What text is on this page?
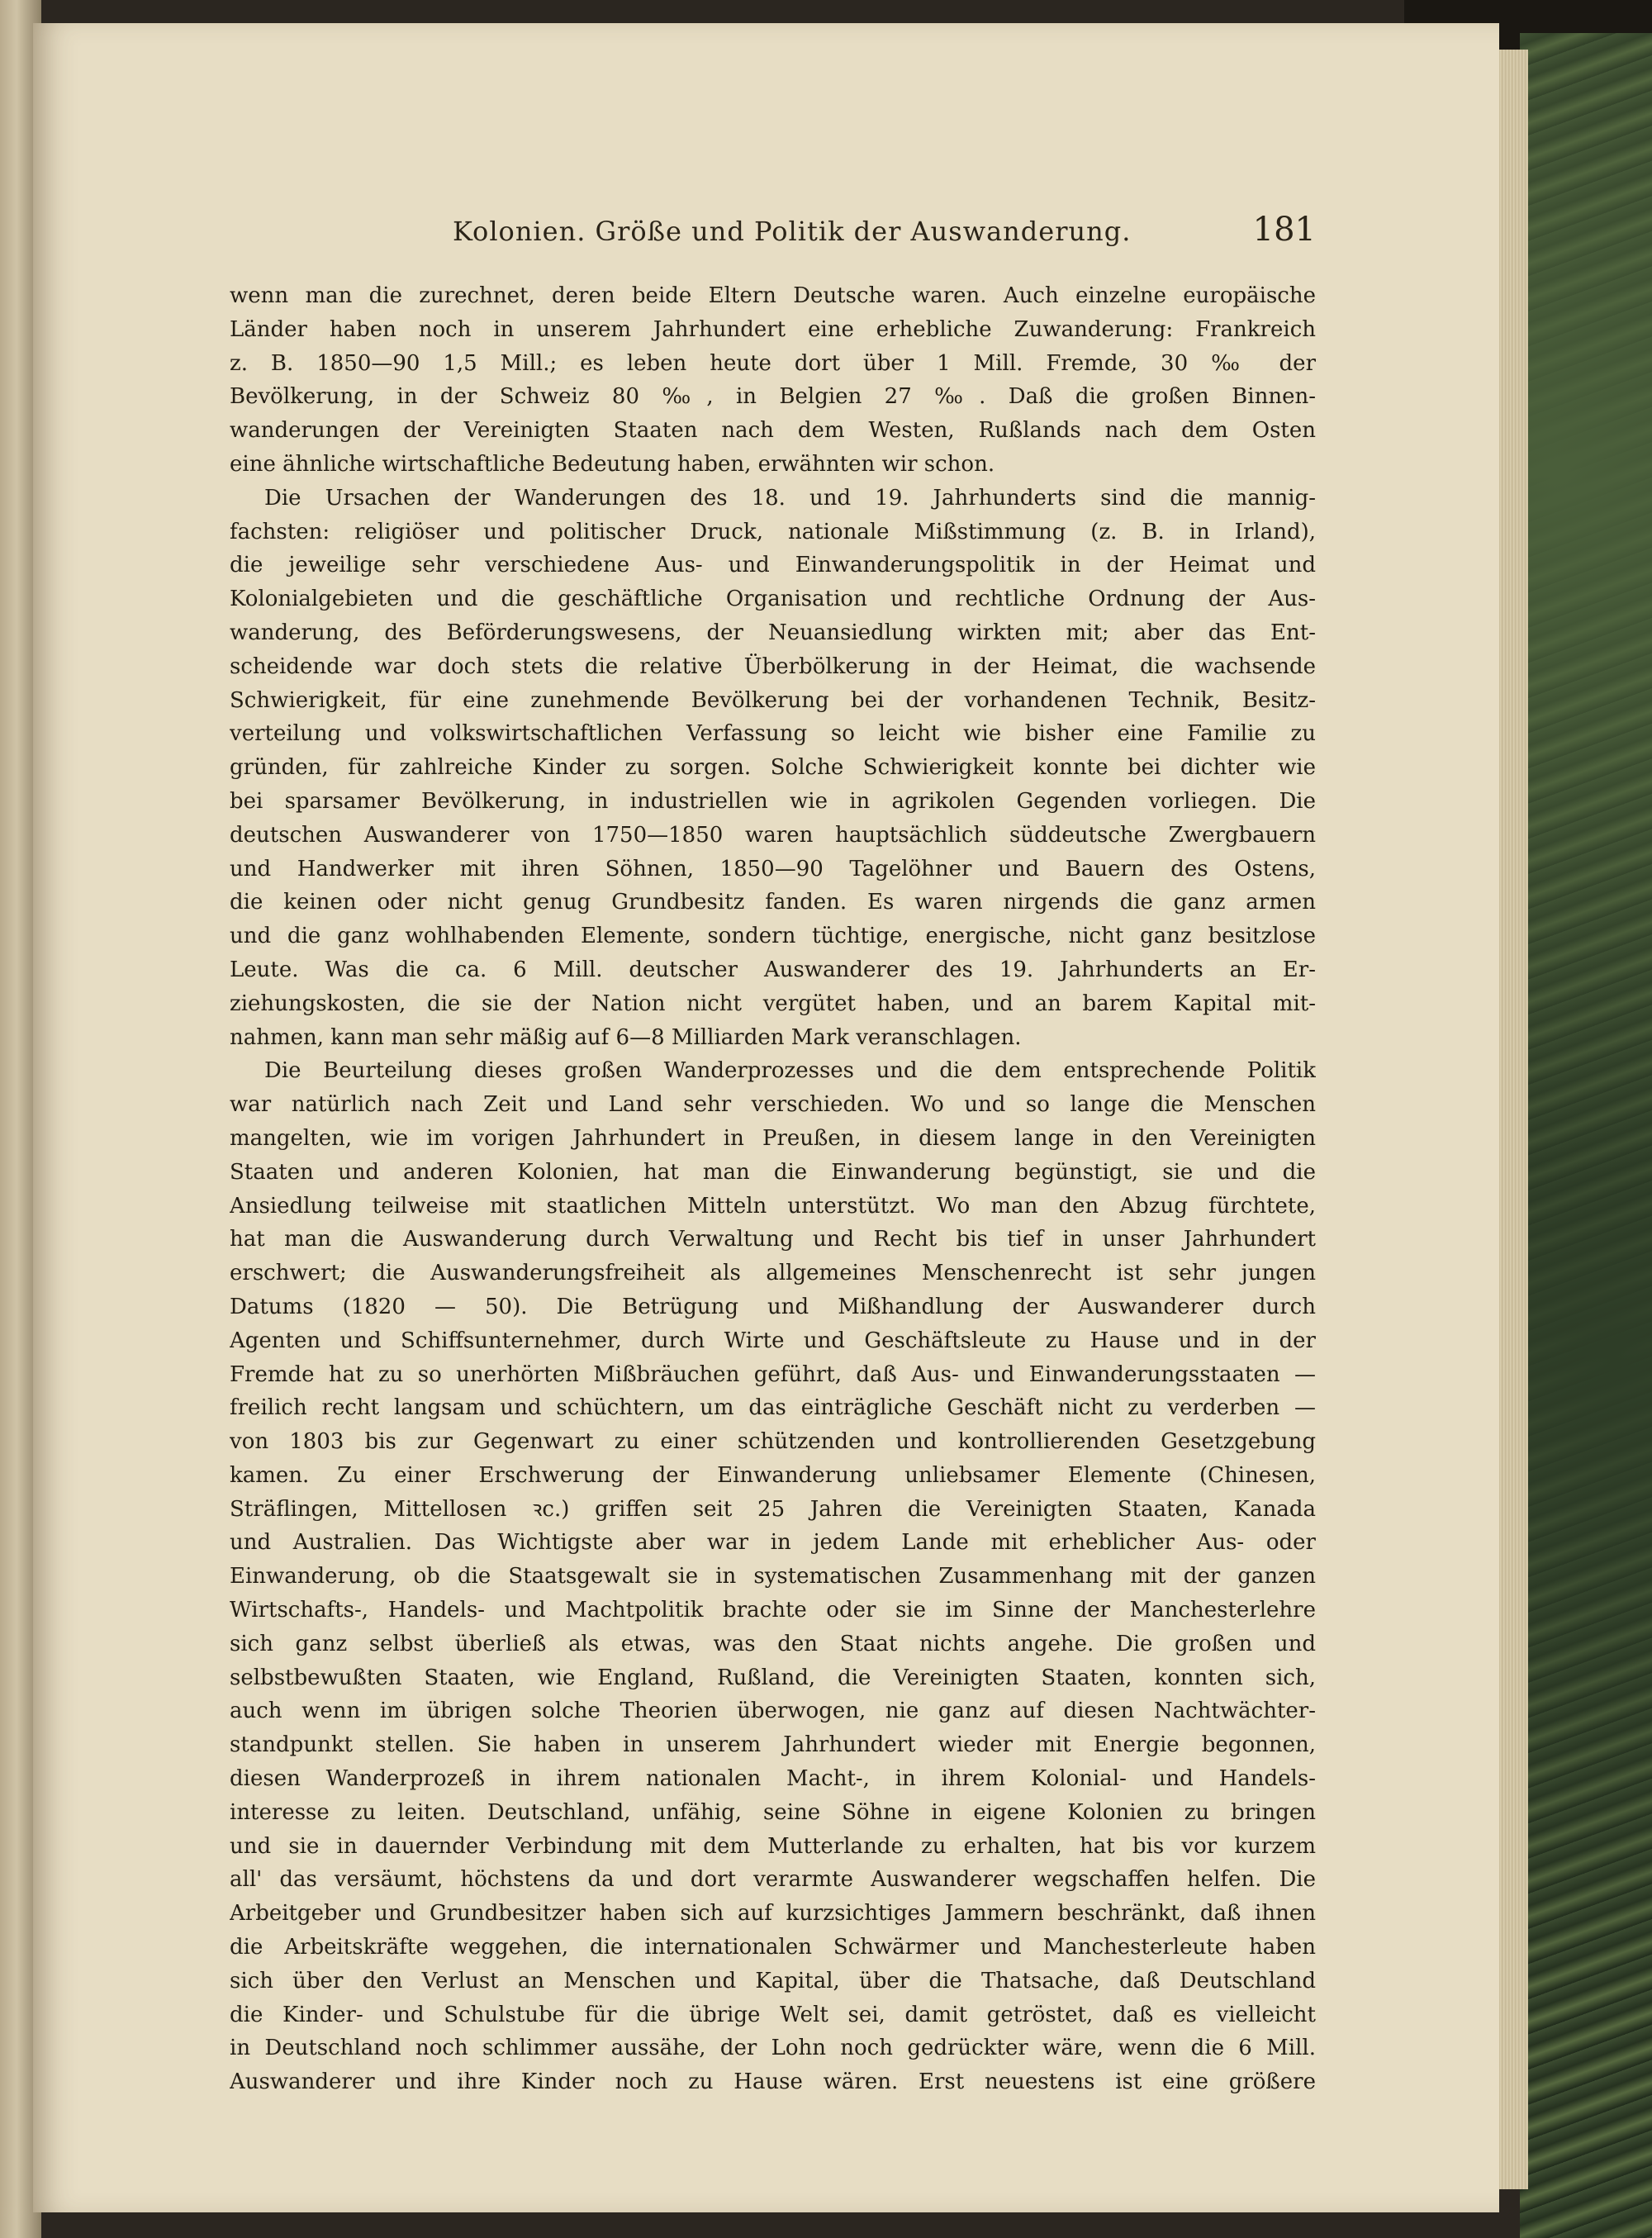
Kolonien. Größe und Politik der Auswanderung.	181
wenn man die zurechnet, deren beide Eltern Deutsche waren. Auch einzelne europäische
Länder haben noch in unserem Jahrhundert eine erhebliche Zuwanderung: Frankreich
z. B. 1850—90 1,5 Mill.; es leben heute dort über 1 Mill. Fremde, 30 ‰ der
Bevölkerung, in der Schweiz 80 ‰, in Belgien 27 ‰. Daß die großen Binnen-
wanderungen der Vereinigten Staaten nach dem Westen, Rußlands nach dem Osten
eine ähnliche wirtschaftliche Bedeutung haben, erwähnten wir schon.
Die Ursachen der Wanderungen des 18. und 19. Jahrhunderts sind die mannig-
fachsten: religiöser und politischer Druck, nationale Mißstimmung (z. B. in Irland),
die jeweilige sehr verschiedene Aus- und Einwanderungspolitik in der Heimat und
Kolonialgebieten und die geschäftliche Organisation und rechtliche Ordnung der Aus-
wanderung, des Beförderungswesens, der Neuansiedlung wirkten mit; aber das Ent-
scheidende war doch stets die relative Überbölkerung in der Heimat, die wachsende
Schwierigkeit, für eine zunehmende Bevölkerung bei der vorhandenen Technik, Besitz-
verteilung und volkswirtschaftlichen Verfassung so leicht wie bisher eine Familie zu
gründen, für zahlreiche Kinder zu sorgen. Solche Schwierigkeit konnte bei dichter wie
bei sparsamer Bevölkerung, in industriellen wie in agrikolen Gegenden vorliegen. Die
deutschen Auswanderer von 1750—1850 waren hauptsächlich süddeutsche Zwergbauern
und Handwerker mit ihren Söhnen, 1850—90 Tagelöhner und Bauern des Ostens,
die keinen oder nicht genug Grundbesitz fanden. Es waren nirgends die ganz armen
und die ganz wohlhabenden Elemente, sondern tüchtige, energische, nicht ganz besitzlose
Leute. Was die ca. 6 Mill. deutscher Auswanderer des 19. Jahrhunderts an Er-
ziehungskosten, die sie der Nation nicht vergütet haben, und an barem Kapital mit-
nahmen, kann man sehr mäßig auf 6—8 Milliarden Mark veranschlagen.
Die Beurteilung dieses großen Wanderprozesses und die dem entsprechende Politik
war natürlich nach Zeit und Land sehr verschieden. Wo und so lange die Menschen
mangelten, wie im vorigen Jahrhundert in Preußen, in diesem lange in den Vereinigten
Staaten und anderen Kolonien, hat man die Einwanderung begünstigt, sie und die
Ansiedlung teilweise mit staatlichen Mitteln unterstützt. Wo man den Abzug fürchtete,
hat man die Auswanderung durch Verwaltung und Recht bis tief in unser Jahrhundert
erschwert; die Auswanderungsfreiheit als allgemeines Menschenrecht ist sehr jungen
Datums (1820 — 50). Die Betrügung und Mißhandlung der Auswanderer durch
Agenten und Schiffsunternehmer, durch Wirte und Geschäftsleute zu Hause und in der
Fremde hat zu so unerhörten Mißbräuchen geführt, daß Aus- und Einwanderungsstaaten —
freilich recht langsam und schüchtern, um das einträgliche Geschäft nicht zu verderben —
von 1803 bis zur Gegenwart zu einer schützenden und kontrollierenden Gesetzgebung
kamen. Zu einer Erschwerung der Einwanderung unliebsamer Elemente (Chinesen,
Sträflingen, Mittellosen ꝛc.) griffen seit 25 Jahren die Vereinigten Staaten, Kanada
und Australien. Das Wichtigste aber war in jedem Lande mit erheblicher Aus- oder
Einwanderung, ob die Staatsgewalt sie in systematischen Zusammenhang mit der ganzen
Wirtschafts-, Handels- und Machtpolitik brachte oder sie im Sinne der Manchesterlehre
sich ganz selbst überließ als etwas, was den Staat nichts angehe. Die großen und
selbstbewußten Staaten, wie England, Rußland, die Vereinigten Staaten, konnten sich,
auch wenn im übrigen solche Theorien überwogen, nie ganz auf diesen Nachtwächter-
standpunkt stellen. Sie haben in unserem Jahrhundert wieder mit Energie begonnen,
diesen Wanderprozeß in ihrem nationalen Macht-, in ihrem Kolonial- und Handels-
interesse zu leiten. Deutschland, unfähig, seine Söhne in eigene Kolonien zu bringen
und sie in dauernder Verbindung mit dem Mutterlande zu erhalten, hat bis vor kurzem
all' das versäumt, höchstens da und dort verarmte Auswanderer wegschaffen helfen. Die
Arbeitgeber und Grundbesitzer haben sich auf kurzsichtiges Jammern beschränkt, daß ihnen
die Arbeitskräfte weggehen, die internationalen Schwärmer und Manchesterleute haben
sich über den Verlust an Menschen und Kapital, über die Thatsache, daß Deutschland
die Kinder- und Schulstube für die übrige Welt sei, damit getröstet, daß es vielleicht
in Deutschland noch schlimmer aussähe, der Lohn noch gedrückter wäre, wenn die 6 Mill.
Auswanderer und ihre Kinder noch zu Hause wären. Erst neuestens ist eine größere
